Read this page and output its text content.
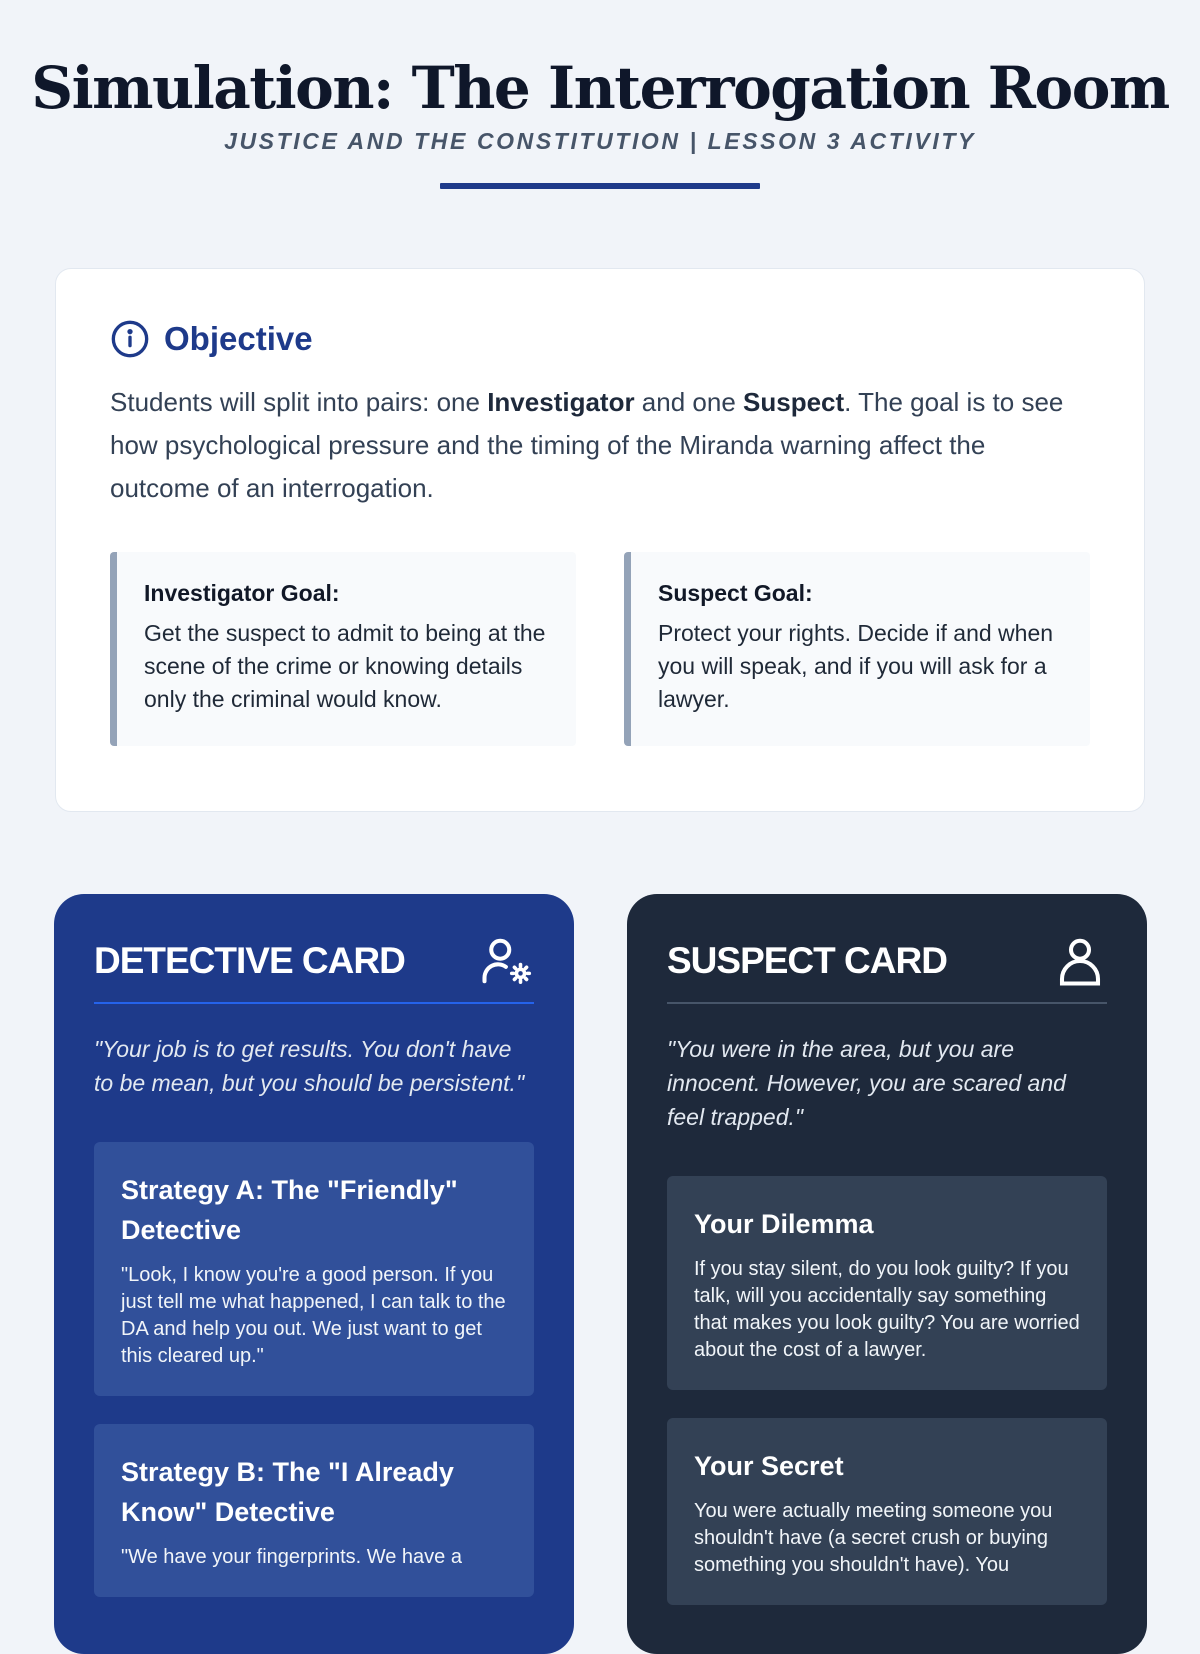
Simulation: The Interrogation Room
JUSTICE AND THE CONSTITUTION | LESSON 3 ACTIVITY
Objective

Students will split into pairs: one Investigator and one Suspect. The goal is to see how psychological pressure and the timing of the Miranda warning affect the outcome of an interrogation.

Investigator Goal:
Get the suspect to admit to being at the scene of the crime or knowing details only the criminal would know.
Suspect Goal:
Protect your rights. Decide if and when you will speak, and if you will ask for a lawyer.
DETECTIVE CARD
"Your job is to get results. You don't have to be mean, but you should be persistent."
Strategy A: The "Friendly" Detective
"Look, I know you're a good person. If you just tell me what happened, I can talk to the DA and help you out. We just want to get this cleared up."
Strategy B: The "I Already Know" Detective
"We have your fingerprints. We have a
SUSPECT CARD
"You were in the area, but you are innocent. However, you are scared and feel trapped."
Your Dilemma
If you stay silent, do you look guilty? If you talk, will you accidentally say something that makes you look guilty? You are worried about the cost of a lawyer.
Your Secret
You were actually meeting someone you shouldn't have (a secret crush or buying something you shouldn't have). You
